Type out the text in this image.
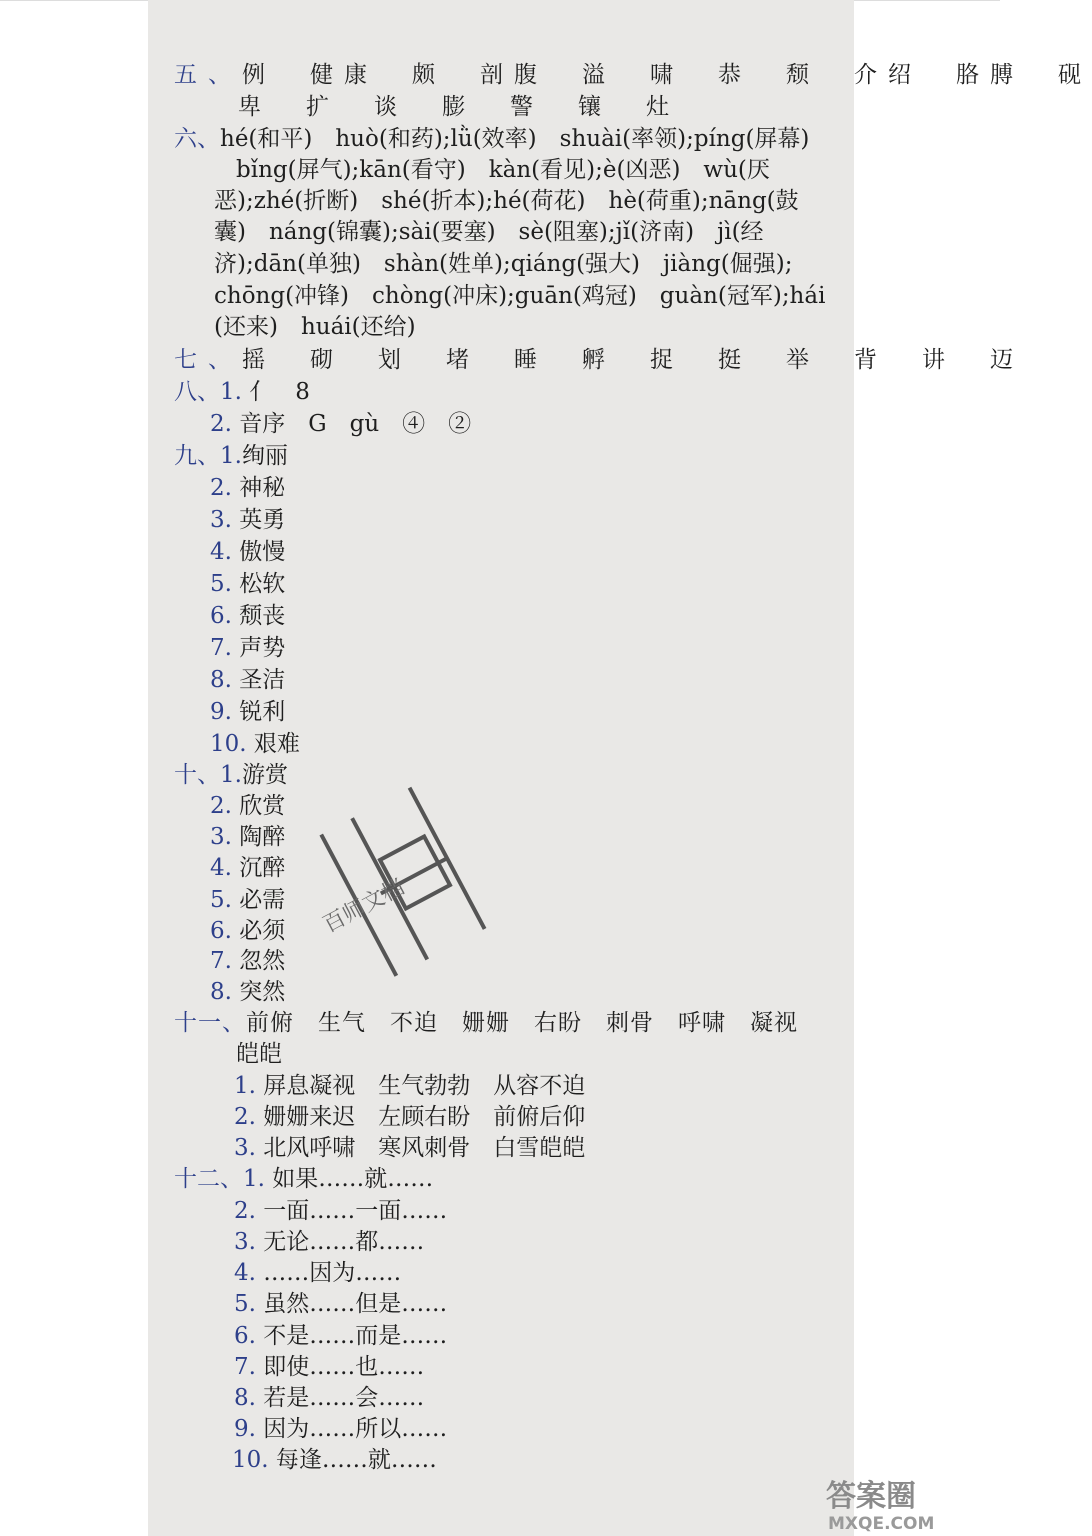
五、例　健康　颇　剖腹　溢　啸　恭　颓　介绍　胳膊　砚
卑　扩　谈　膨　警　镶　灶
六、hé(和平)　huò(和药);lǜ(效率)　shuài(率领);píng(屏幕)
bǐng(屏气);kān(看守)　kàn(看见);è(凶恶)　wù(厌
恶);zhé(折断)　shé(折本);hé(荷花)　hè(荷重);nāng(鼓
囊)　náng(锦囊);sài(要塞)　sè(阻塞);jǐ(济南)　jì(经
济);dān(单独)　shàn(姓单);qiáng(强大)　jiàng(倔强);
chōng(冲锋)　chòng(冲床);guān(鸡冠)　guàn(冠军);hái
(还来)　huái(还给)
七、摇　砌　划　堵　睡　孵　捉　挺　举　背　讲　迈
八、1. 亻　8
2. 音序　G　gù　④　②
九、1.绚丽
2. 神秘
3. 英勇
4. 傲慢
5. 松软
6. 颓丧
7. 声势
8. 圣洁
9. 锐利
10. 艰难
十、1.游赏
2. 欣赏
3. 陶醉
4. 沉醉
5. 必需
6. 必须
7. 忽然
8. 突然
十一、前俯　生气　不迫　姗姗　右盼　刺骨　呼啸　凝视
皑皑
1. 屏息凝视　生气勃勃　从容不迫
2. 姗姗来迟　左顾右盼　前俯后仰
3. 北风呼啸　寒风刺骨　白雪皑皑
十二、1. 如果……就……
2. 一面……一面……
3. 无论……都……
4. ……因为……
5. 虽然……但是……
6. 不是……而是……
7. 即使……也……
8. 若是……会……
9. 因为……所以……
10. 每逢……就……
百师文档
答案圈
MXQE.COM
